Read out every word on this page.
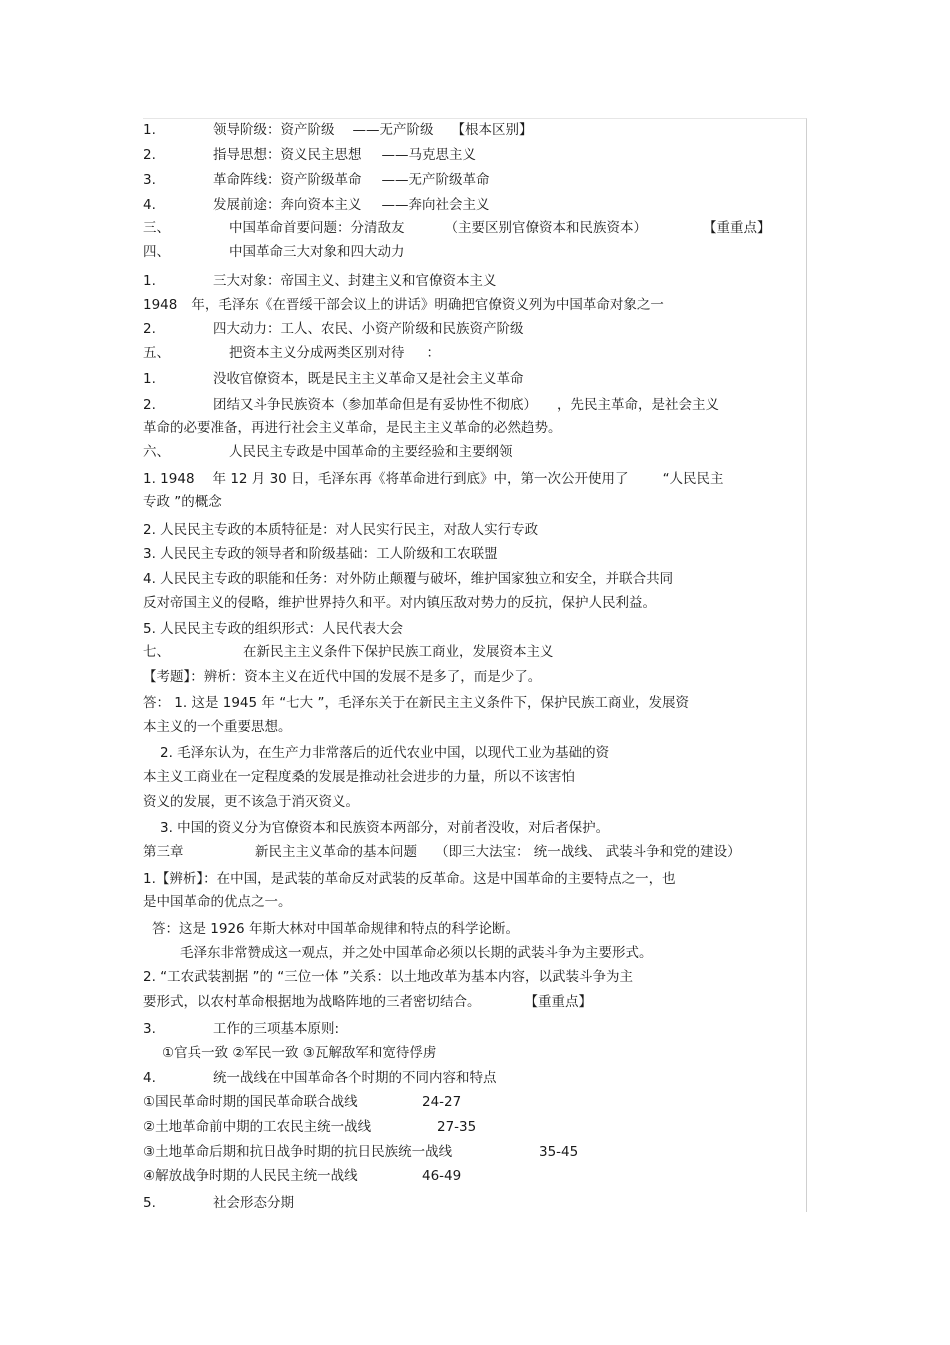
1.	领导阶级：资产阶级 ——无产阶级 【根本区别】
2.	指导思想：资义民主思想 ——马克思主义
3.	革命阵线：资产阶级革命 ——无产阶级革命
4.	发展前途：奔向资本主义 ——奔向社会主义
三、	中国革命首要问题：分清敌友	（主要区别官僚资本和民族资本）	【重重点】
四、	中国革命三大对象和四大动力
1.	三大对象：帝国主义、封建主义和官僚资本主义
1948 年，毛泽东《在晋绥干部会议上的讲话》明确把官僚资义列为中国革命对象之一
2.	四大动力：工人、农民、小资产阶级和民族资产阶级
五、	把资本主义分成两类区别对待 ：
1.	没收官僚资本，既是民主主义革命又是社会主义革命
2.	团结又斗争民族资本（参加革命但是有妥协性不彻底） ，先民主革命，是社会主义
革命的必要准备，再进行社会主义革命，是民主主义革命的必然趋势。
六、	人民民主专政是中国革命的主要经验和主要纲领
1. 1948 年 12 月 30 日，毛泽东再《将革命进行到底》中，第一次公开使用了	“人民民主
专政 ”的概念
2. 人民民主专政的本质特征是：对人民实行民主，对敌人实行专政
3. 人民民主专政的领导者和阶级基础：工人阶级和工农联盟
4. 人民民主专政的职能和任务：对外防止颠覆与破坏，维护国家独立和安全，并联合共同
反对帝国主义的侵略，维护世界持久和平。对内镇压敌对势力的反抗，保护人民利益。
5. 人民民主专政的组织形式：人民代表大会
七、	在新民主主义条件下保护民族工商业，发展资本主义
【考题】：辨析：资本主义在近代中国的发展不是多了，而是少了。
答： 1. 这是 1945 年 “七大 ”，毛泽东关于在新民主主义条件下，保护民族工商业，发展资
本主义的一个重要思想。
2. 毛泽东认为，在生产力非常落后的近代农业中国，以现代工业为基础的资
本主义工商业在一定程度桑的发展是推动社会进步的力量，所以不该害怕
资义的发展，更不该急于消灭资义。
3. 中国的资义分为官僚资本和民族资本两部分，对前者没收，对后者保护。
第三章	新民主主义革命的基本问题 （即三大法宝： 统一战线、 武装斗争和党的建设）
1.【辨析】：在中国，是武装的革命反对武装的反革命。这是中国革命的主要特点之一，也
是中国革命的优点之一。
答：这是 1926 年斯大林对中国革命规律和特点的科学论断。
毛泽东非常赞成这一观点，并之处中国革命必须以长期的武装斗争为主要形式。
2. “工农武装割据 ”的 “三位一体 ”关系：以土地改革为基本内容，以武装斗争为主
要形式，以农村革命根据地为战略阵地的三者密切结合。	【重重点】
3.	工作的三项基本原则:
①官兵一致 ②军民一致 ③瓦解敌军和宽待俘虏
4.	统一战线在中国革命各个时期的不同内容和特点
①国民革命时期的国民革命联合战线	24-27
②土地革命前中期的工农民主统一战线	27-35
③土地革命后期和抗日战争时期的抗日民族统一战线	35-45
④解放战争时期的人民民主统一战线	46-49
5.	社会形态分期
